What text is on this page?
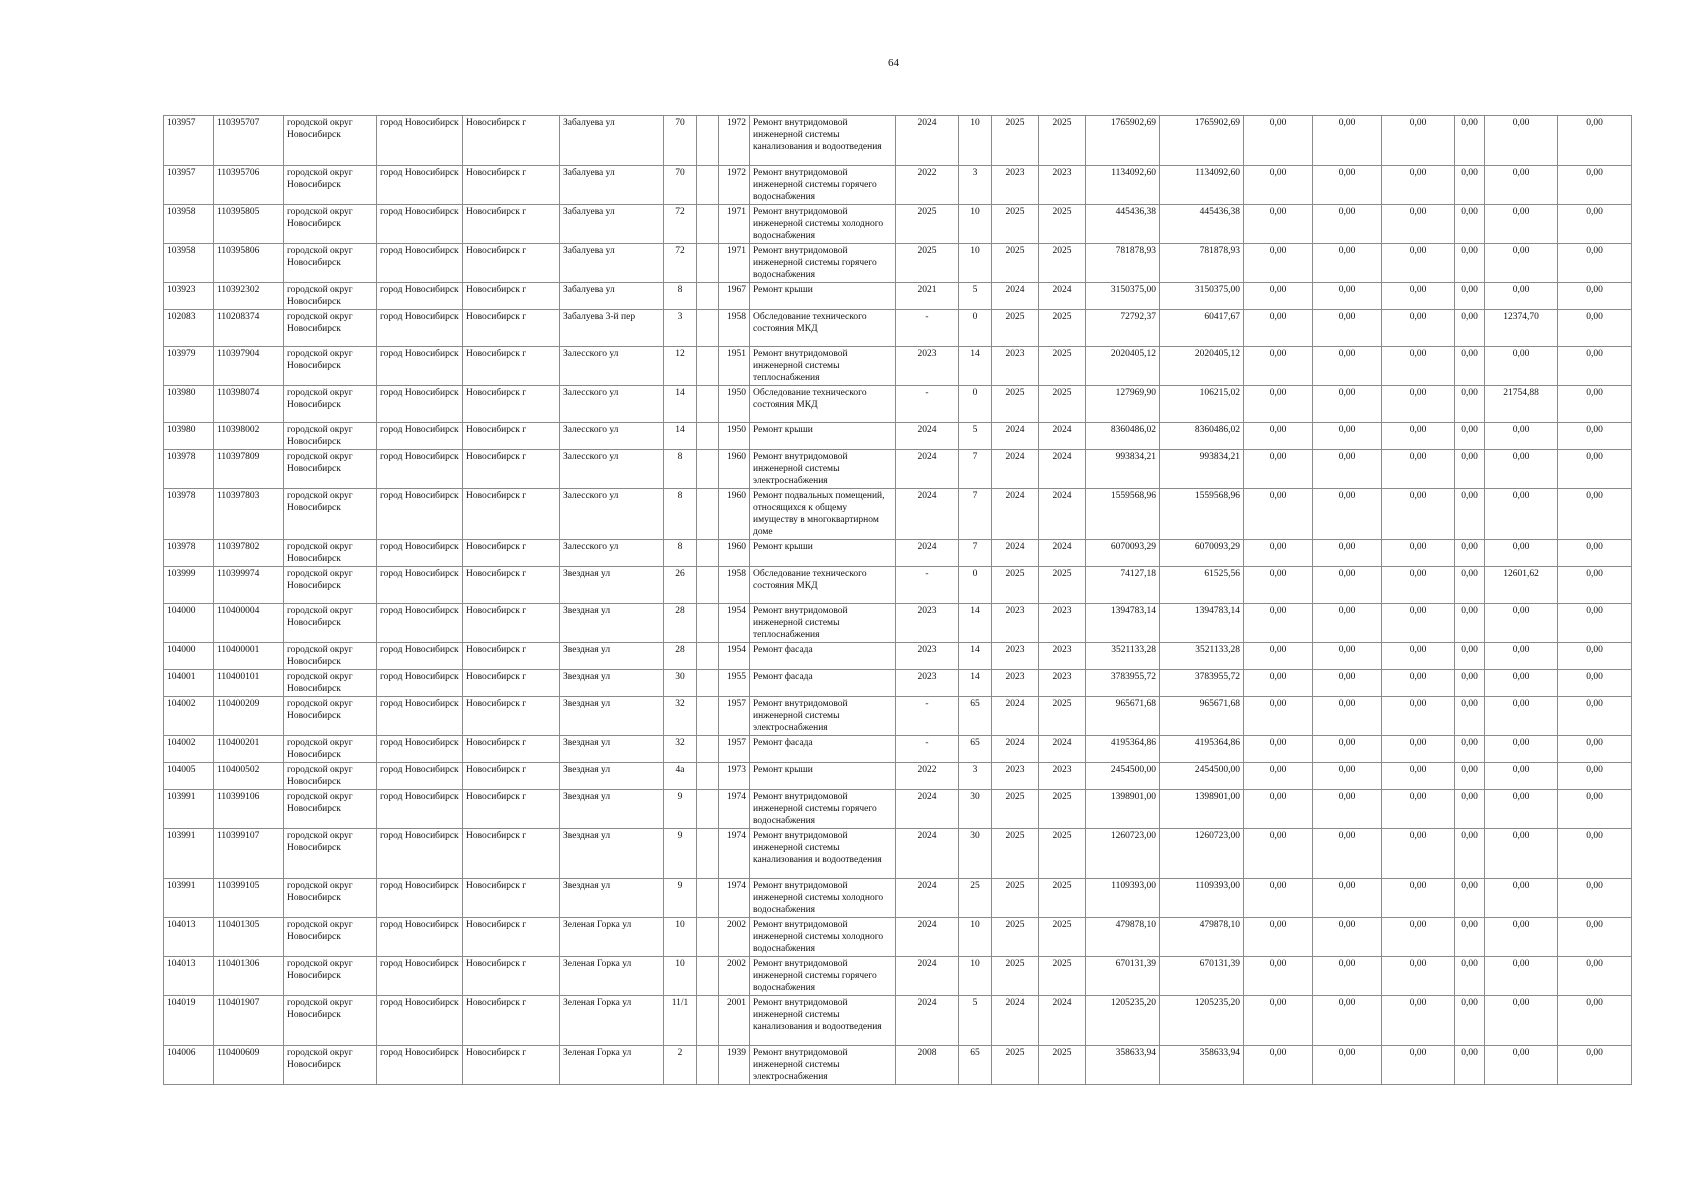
64
103957	110395707	городской округ Новосибирск	город Новосибирск	Новосибирск г	Забалуева ул	70		1972	Ремонт внутридомовой инженерной системы канализования и водоотведения	2024	10	2025	2025	1765902,69	1765902,69	0,00	0,00	0,00	0,00	0,00	0,00
103957	110395706	городской округ Новосибирск	город Новосибирск	Новосибирск г	Забалуева ул	70		1972	Ремонт внутридомовой инженерной системы горячего водоснабжения	2022	3	2023	2023	1134092,60	1134092,60	0,00	0,00	0,00	0,00	0,00	0,00
103958	110395805	городской округ Новосибирск	город Новосибирск	Новосибирск г	Забалуева ул	72		1971	Ремонт внутридомовой инженерной системы холодного водоснабжения	2025	10	2025	2025	445436,38	445436,38	0,00	0,00	0,00	0,00	0,00	0,00
103958	110395806	городской округ Новосибирск	город Новосибирск	Новосибирск г	Забалуева ул	72		1971	Ремонт внутридомовой инженерной системы горячего водоснабжения	2025	10	2025	2025	781878,93	781878,93	0,00	0,00	0,00	0,00	0,00	0,00
103923	110392302	городской округ Новосибирск	город Новосибирск	Новосибирск г	Забалуева ул	8		1967	Ремонт крыши	2021	5	2024	2024	3150375,00	3150375,00	0,00	0,00	0,00	0,00	0,00	0,00
102083	110208374	городской округ Новосибирск	город Новосибирск	Новосибирск г	Забалуева 3-й пер	3		1958	Обследование технического состояния МКД	-	0	2025	2025	72792,37	60417,67	0,00	0,00	0,00	0,00	12374,70	0,00
103979	110397904	городской округ Новосибирск	город Новосибирск	Новосибирск г	Залесского ул	12		1951	Ремонт внутридомовой инженерной системы теплоснабжения	2023	14	2023	2025	2020405,12	2020405,12	0,00	0,00	0,00	0,00	0,00	0,00
103980	110398074	городской округ Новосибирск	город Новосибирск	Новосибирск г	Залесского ул	14		1950	Обследование технического состояния МКД	-	0	2025	2025	127969,90	106215,02	0,00	0,00	0,00	0,00	21754,88	0,00
103980	110398002	городской округ Новосибирск	город Новосибирск	Новосибирск г	Залесского ул	14		1950	Ремонт крыши	2024	5	2024	2024	8360486,02	8360486,02	0,00	0,00	0,00	0,00	0,00	0,00
103978	110397809	городской округ Новосибирск	город Новосибирск	Новосибирск г	Залесского ул	8		1960	Ремонт внутридомовой инженерной системы электроснабжения	2024	7	2024	2024	993834,21	993834,21	0,00	0,00	0,00	0,00	0,00	0,00
103978	110397803	городской округ Новосибирск	город Новосибирск	Новосибирск г	Залесского ул	8		1960	Ремонт подвальных помещений, относящихся к общему имуществу в многоквартирном доме	2024	7	2024	2024	1559568,96	1559568,96	0,00	0,00	0,00	0,00	0,00	0,00
103978	110397802	городской округ Новосибирск	город Новосибирск	Новосибирск г	Залесского ул	8		1960	Ремонт крыши	2024	7	2024	2024	6070093,29	6070093,29	0,00	0,00	0,00	0,00	0,00	0,00
103999	110399974	городской округ Новосибирск	город Новосибирск	Новосибирск г	Звездная ул	26		1958	Обследование технического состояния МКД	-	0	2025	2025	74127,18	61525,56	0,00	0,00	0,00	0,00	12601,62	0,00
104000	110400004	городской округ Новосибирск	город Новосибирск	Новосибирск г	Звездная ул	28		1954	Ремонт внутридомовой инженерной системы теплоснабжения	2023	14	2023	2023	1394783,14	1394783,14	0,00	0,00	0,00	0,00	0,00	0,00
104000	110400001	городской округ Новосибирск	город Новосибирск	Новосибирск г	Звездная ул	28		1954	Ремонт фасада	2023	14	2023	2023	3521133,28	3521133,28	0,00	0,00	0,00	0,00	0,00	0,00
104001	110400101	городской округ Новосибирск	город Новосибирск	Новосибирск г	Звездная ул	30		1955	Ремонт фасада	2023	14	2023	2023	3783955,72	3783955,72	0,00	0,00	0,00	0,00	0,00	0,00
104002	110400209	городской округ Новосибирск	город Новосибирск	Новосибирск г	Звездная ул	32		1957	Ремонт внутридомовой инженерной системы электроснабжения	-	65	2024	2025	965671,68	965671,68	0,00	0,00	0,00	0,00	0,00	0,00
104002	110400201	городской округ Новосибирск	город Новосибирск	Новосибирск г	Звездная ул	32		1957	Ремонт фасада	-	65	2024	2024	4195364,86	4195364,86	0,00	0,00	0,00	0,00	0,00	0,00
104005	110400502	городской округ Новосибирск	город Новосибирск	Новосибирск г	Звездная ул	4а		1973	Ремонт крыши	2022	3	2023	2023	2454500,00	2454500,00	0,00	0,00	0,00	0,00	0,00	0,00
103991	110399106	городской округ Новосибирск	город Новосибирск	Новосибирск г	Звездная ул	9		1974	Ремонт внутридомовой инженерной системы горячего водоснабжения	2024	30	2025	2025	1398901,00	1398901,00	0,00	0,00	0,00	0,00	0,00	0,00
103991	110399107	городской округ Новосибирск	город Новосибирск	Новосибирск г	Звездная ул	9		1974	Ремонт внутридомовой инженерной системы канализования и водоотведения	2024	30	2025	2025	1260723,00	1260723,00	0,00	0,00	0,00	0,00	0,00	0,00
103991	110399105	городской округ Новосибирск	город Новосибирск	Новосибирск г	Звездная ул	9		1974	Ремонт внутридомовой инженерной системы холодного водоснабжения	2024	25	2025	2025	1109393,00	1109393,00	0,00	0,00	0,00	0,00	0,00	0,00
104013	110401305	городской округ Новосибирск	город Новосибирск	Новосибирск г	Зеленая Горка ул	10		2002	Ремонт внутридомовой инженерной системы холодного водоснабжения	2024	10	2025	2025	479878,10	479878,10	0,00	0,00	0,00	0,00	0,00	0,00
104013	110401306	городской округ Новосибирск	город Новосибирск	Новосибирск г	Зеленая Горка ул	10		2002	Ремонт внутридомовой инженерной системы горячего водоснабжения	2024	10	2025	2025	670131,39	670131,39	0,00	0,00	0,00	0,00	0,00	0,00
104019	110401907	городской округ Новосибирск	город Новосибирск	Новосибирск г	Зеленая Горка ул	11/1		2001	Ремонт внутридомовой инженерной системы канализования и водоотведения	2024	5	2024	2024	1205235,20	1205235,20	0,00	0,00	0,00	0,00	0,00	0,00
104006	110400609	городской округ Новосибирск	город Новосибирск	Новосибирск г	Зеленая Горка ул	2		1939	Ремонт внутридомовой инженерной системы электроснабжения	2008	65	2025	2025	358633,94	358633,94	0,00	0,00	0,00	0,00	0,00	0,00
